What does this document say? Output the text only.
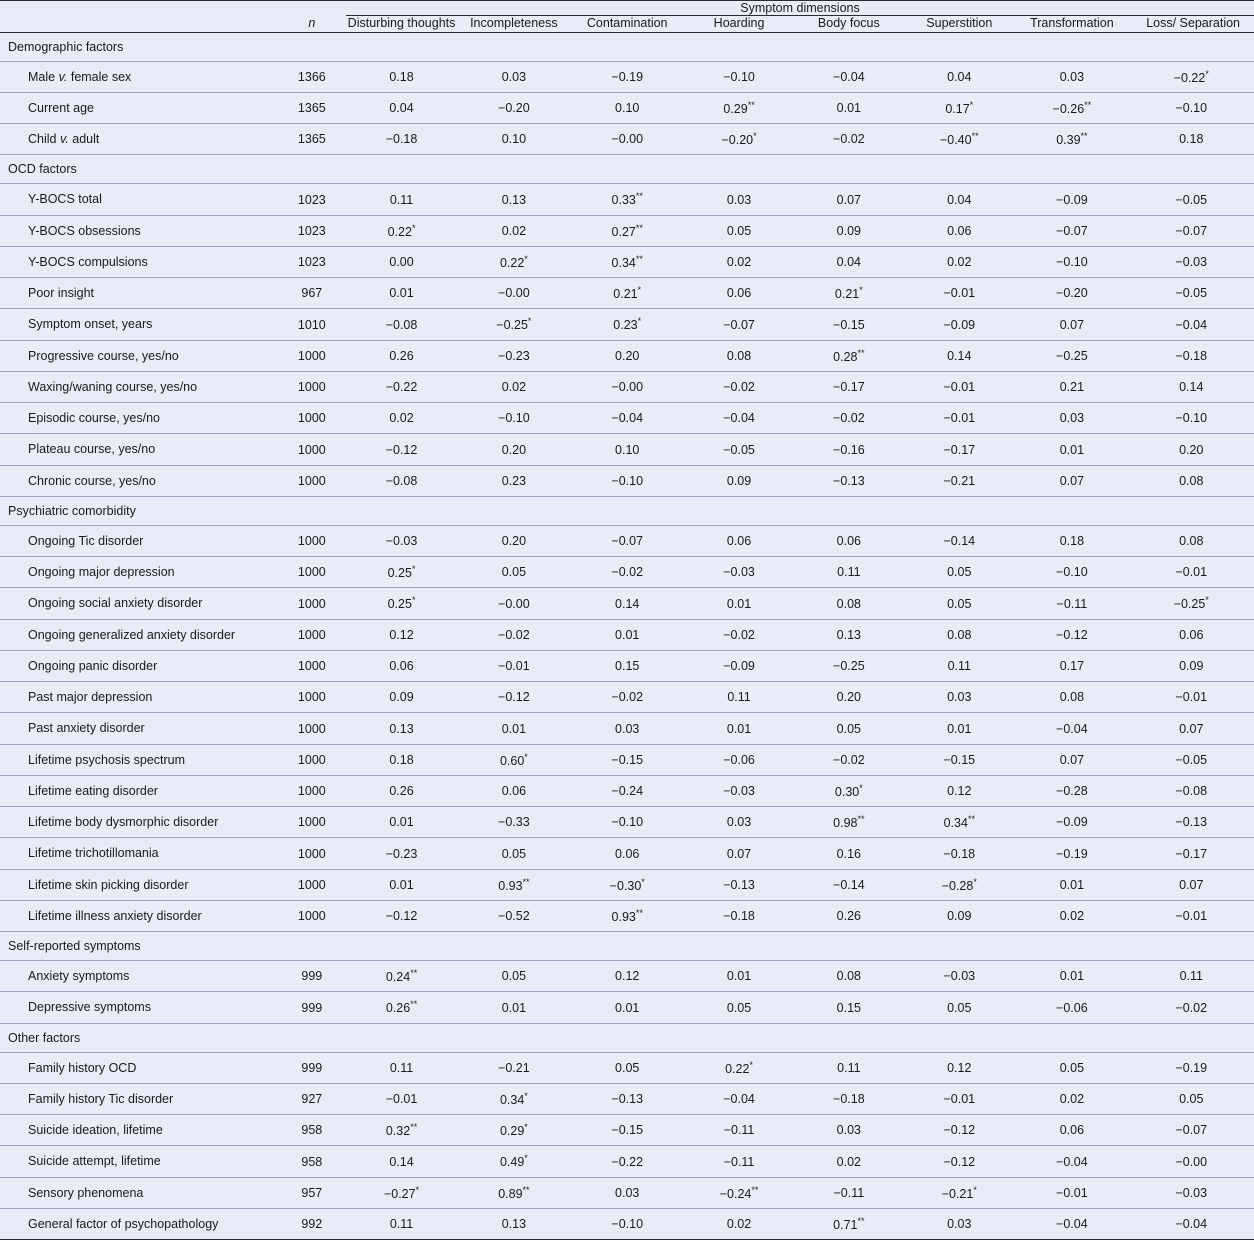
		Symptom dimensions							
	n	Disturbing thoughts	Incompleteness	Contamination	Hoarding	Body focus	Superstition	Transformation	Loss/ Separation
Demographic factors									
Male v. female sex	1366	0.18	0.03	−0.19	−0.10	−0.04	0.04	0.03	−0.22*
Current age	1365	0.04	−0.20	0.10	0.29**	0.01	0.17*	−0.26**	−0.10
Child v. adult	1365	−0.18	0.10	−0.00	−0.20*	−0.02	−0.40**	0.39**	0.18
OCD factors									
Y-BOCS total	1023	0.11	0.13	0.33**	0.03	0.07	0.04	−0.09	−0.05
Y-BOCS obsessions	1023	0.22*	0.02	0.27**	0.05	0.09	0.06	−0.07	−0.07
Y-BOCS compulsions	1023	0.00	0.22*	0.34**	0.02	0.04	0.02	−0.10	−0.03
Poor insight	967	0.01	−0.00	0.21*	0.06	0.21*	−0.01	−0.20	−0.05
Symptom onset, years	1010	−0.08	−0.25*	0.23*	−0.07	−0.15	−0.09	0.07	−0.04
Progressive course, yes/no	1000	0.26	−0.23	0.20	0.08	0.28**	0.14	−0.25	−0.18
Waxing/waning course, yes/no	1000	−0.22	0.02	−0.00	−0.02	−0.17	−0.01	0.21	0.14
Episodic course, yes/no	1000	0.02	−0.10	−0.04	−0.04	−0.02	−0.01	0.03	−0.10
Plateau course, yes/no	1000	−0.12	0.20	0.10	−0.05	−0.16	−0.17	0.01	0.20
Chronic course, yes/no	1000	−0.08	0.23	−0.10	0.09	−0.13	−0.21	0.07	0.08
Psychiatric comorbidity									
Ongoing Tic disorder	1000	−0.03	0.20	−0.07	0.06	0.06	−0.14	0.18	0.08
Ongoing major depression	1000	0.25*	0.05	−0.02	−0.03	0.11	0.05	−0.10	−0.01
Ongoing social anxiety disorder	1000	0.25*	−0.00	0.14	0.01	0.08	0.05	−0.11	−0.25*
Ongoing generalized anxiety disorder	1000	0.12	−0.02	0.01	−0.02	0.13	0.08	−0.12	0.06
Ongoing panic disorder	1000	0.06	−0.01	0.15	−0.09	−0.25	0.11	0.17	0.09
Past major depression	1000	0.09	−0.12	−0.02	0.11	0.20	0.03	0.08	−0.01
Past anxiety disorder	1000	0.13	0.01	0.03	0.01	0.05	0.01	−0.04	0.07
Lifetime psychosis spectrum	1000	0.18	0.60*	−0.15	−0.06	−0.02	−0.15	0.07	−0.05
Lifetime eating disorder	1000	0.26	0.06	−0.24	−0.03	0.30*	0.12	−0.28	−0.08
Lifetime body dysmorphic disorder	1000	0.01	−0.33	−0.10	0.03	0.98**	0.34**	−0.09	−0.13
Lifetime trichotillomania	1000	−0.23	0.05	0.06	0.07	0.16	−0.18	−0.19	−0.17
Lifetime skin picking disorder	1000	0.01	0.93**	−0.30*	−0.13	−0.14	−0.28*	0.01	0.07
Lifetime illness anxiety disorder	1000	−0.12	−0.52	0.93**	−0.18	0.26	0.09	0.02	−0.01
Self-reported symptoms									
Anxiety symptoms	999	0.24**	0.05	0.12	0.01	0.08	−0.03	0.01	0.11
Depressive symptoms	999	0.26**	0.01	0.01	0.05	0.15	0.05	−0.06	−0.02
Other factors									
Family history OCD	999	0.11	−0.21	0.05	0.22*	0.11	0.12	0.05	−0.19
Family history Tic disorder	927	−0.01	0.34*	−0.13	−0.04	−0.18	−0.01	0.02	0.05
Suicide ideation, lifetime	958	0.32**	0.29*	−0.15	−0.11	0.03	−0.12	0.06	−0.07
Suicide attempt, lifetime	958	0.14	0.49*	−0.22	−0.11	0.02	−0.12	−0.04	−0.00
Sensory phenomena	957	−0.27*	0.89**	0.03	−0.24**	−0.11	−0.21*	−0.01	−0.03
General factor of psychopathology	992	0.11	0.13	−0.10	0.02	0.71**	0.03	−0.04	−0.04
